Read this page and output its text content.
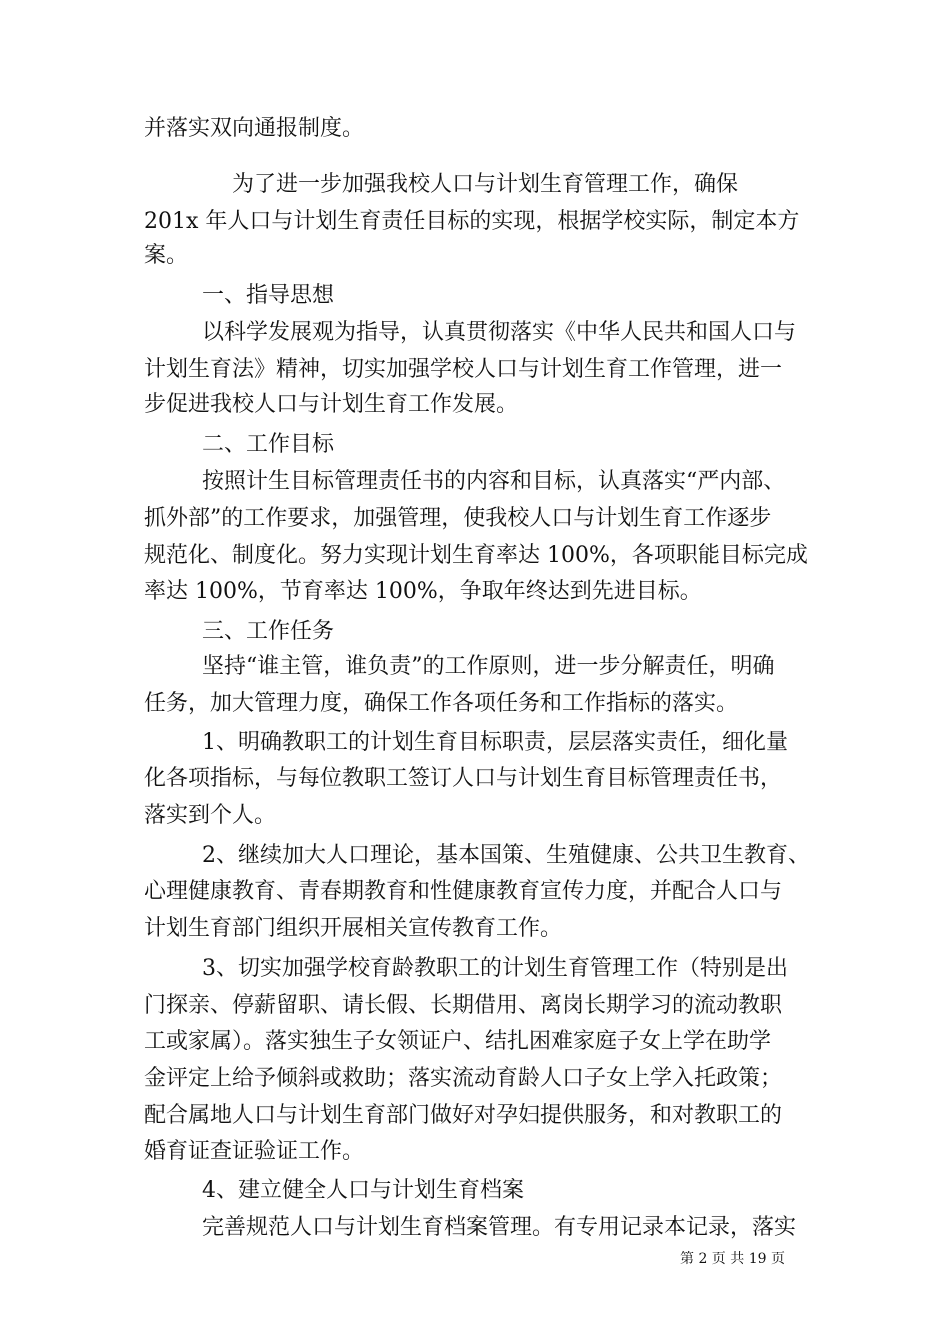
并落实双向通报制度。
为了进一步加强我校人口与计划生育管理工作，确保
201x 年人口与计划生育责任目标的实现，根据学校实际，制定本方
案。
一、指导思想
以科学发展观为指导，认真贯彻落实《中华人民共和国人口与
计划生育法》精神，切实加强学校人口与计划生育工作管理，进一
步促进我校人口与计划生育工作发展。
二、工作目标
按照计生目标管理责任书的内容和目标，认真落实“严内部、
抓外部”的工作要求，加强管理，使我校人口与计划生育工作逐步
规范化、制度化。努力实现计划生育率达 100%，各项职能目标完成
率达 100%，节育率达 100%，争取年终达到先进目标。
三、工作任务
坚持“谁主管，谁负责”的工作原则，进一步分解责任，明确
任务，加大管理力度，确保工作各项任务和工作指标的落实。
1、明确教职工的计划生育目标职责，层层落实责任，细化量
化各项指标，与每位教职工签订人口与计划生育目标管理责任书，
落实到个人。
2、继续加大人口理论，基本国策、生殖健康、公共卫生教育、
心理健康教育、青春期教育和性健康教育宣传力度，并配合人口与
计划生育部门组织开展相关宣传教育工作。
3、切实加强学校育龄教职工的计划生育管理工作（特别是出
门探亲、停薪留职、请长假、长期借用、离岗长期学习的流动教职
工或家属）。落实独生子女领证户、结扎困难家庭子女上学在助学
金评定上给予倾斜或救助；落实流动育龄人口子女上学入托政策；
配合属地人口与计划生育部门做好对孕妇提供服务，和对教职工的
婚育证查证验证工作。
4、建立健全人口与计划生育档案
完善规范人口与计划生育档案管理。有专用记录本记录，落实
第 2 页 共 19 页
